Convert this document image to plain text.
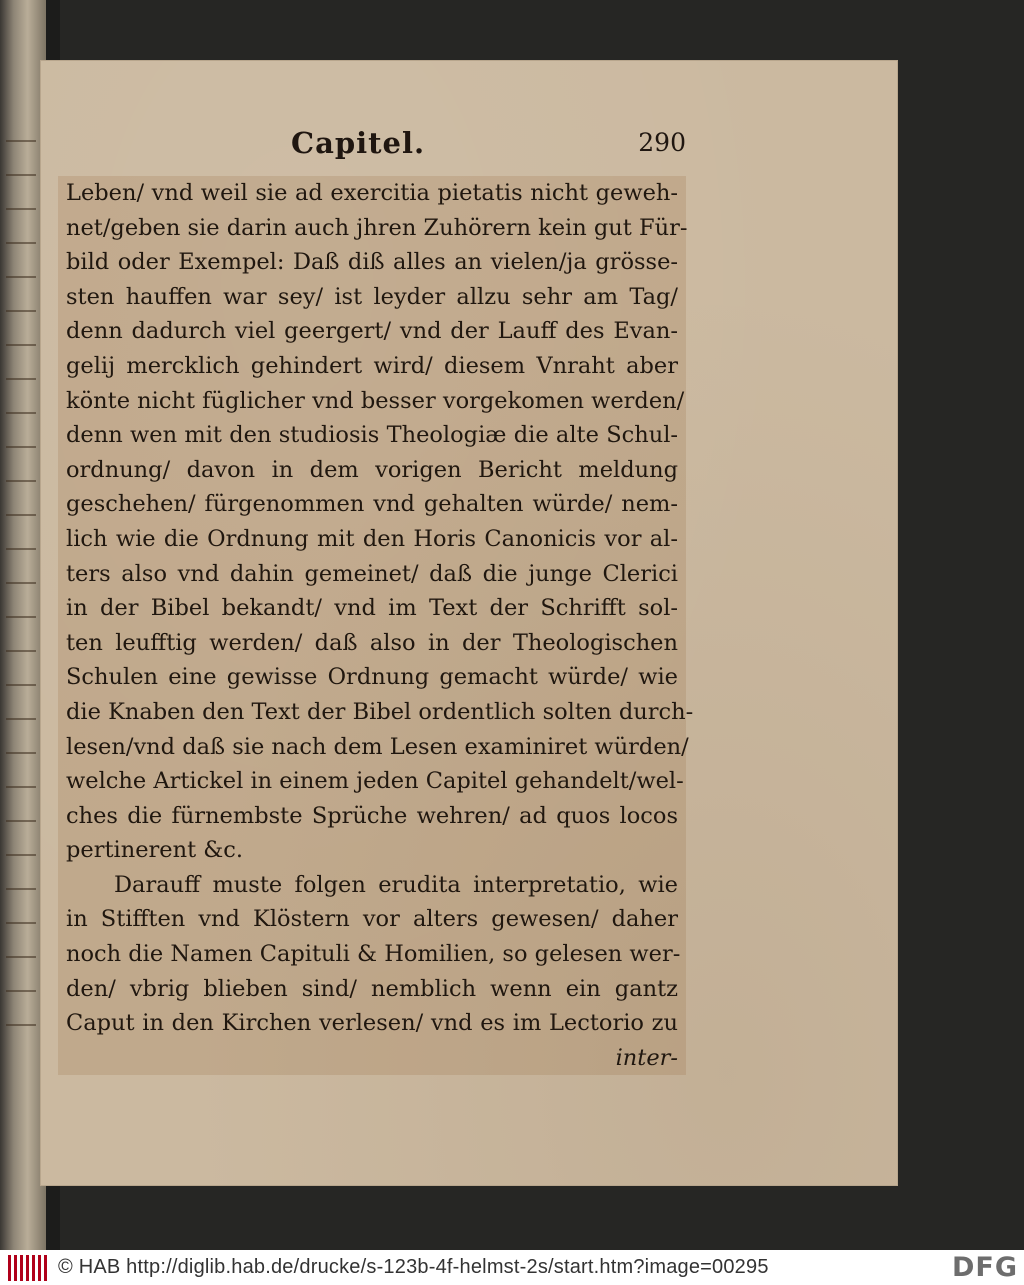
Capitel.	290
Leben/ vnd weil sie ad exercitia pietatis nicht geweh-
net/geben sie darin auch jhren Zuhörern kein gut Für-
bild oder Exempel: Daß diß alles an vielen/ja grösse-
sten hauffen war sey/ ist leyder allzu sehr am Tag/
denn dadurch viel geergert/ vnd der Lauff des Evan-
gelij mercklich gehindert wird/ diesem Vnraht aber
könte nicht füglicher vnd besser vorgekomen werden/
denn wen mit den studiosis Theologiæ die alte Schul-
ordnung/ davon in dem vorigen Bericht meldung
geschehen/ fürgenommen vnd gehalten würde/ nem-
lich wie die Ordnung mit den Horis Canonicis vor al-
ters also vnd dahin gemeinet/ daß die junge Clerici
in der Bibel bekandt/ vnd im Text der Schrifft sol-
ten leufftig werden/ daß also in der Theologischen
Schulen eine gewisse Ordnung gemacht würde/ wie
die Knaben den Text der Bibel ordentlich solten durch-
lesen/vnd daß sie nach dem Lesen examiniret würden/
welche Artickel in einem jeden Capitel gehandelt/wel-
ches die fürnembste Sprüche wehren/ ad quos locos
pertinerent &c.
Darauff muste folgen erudita interpretatio, wie
in Stifften vnd Klöstern vor alters gewesen/ daher
noch die Namen Capituli & Homilien, so gelesen wer-
den/ vbrig blieben sind/ nemblich wenn ein gantz
Caput in den Kirchen verlesen/ vnd es im Lectorio zu
inter-
© HAB http://diglib.hab.de/drucke/s-123b-4f-helmst-2s/start.htm?image=00295	DFG
